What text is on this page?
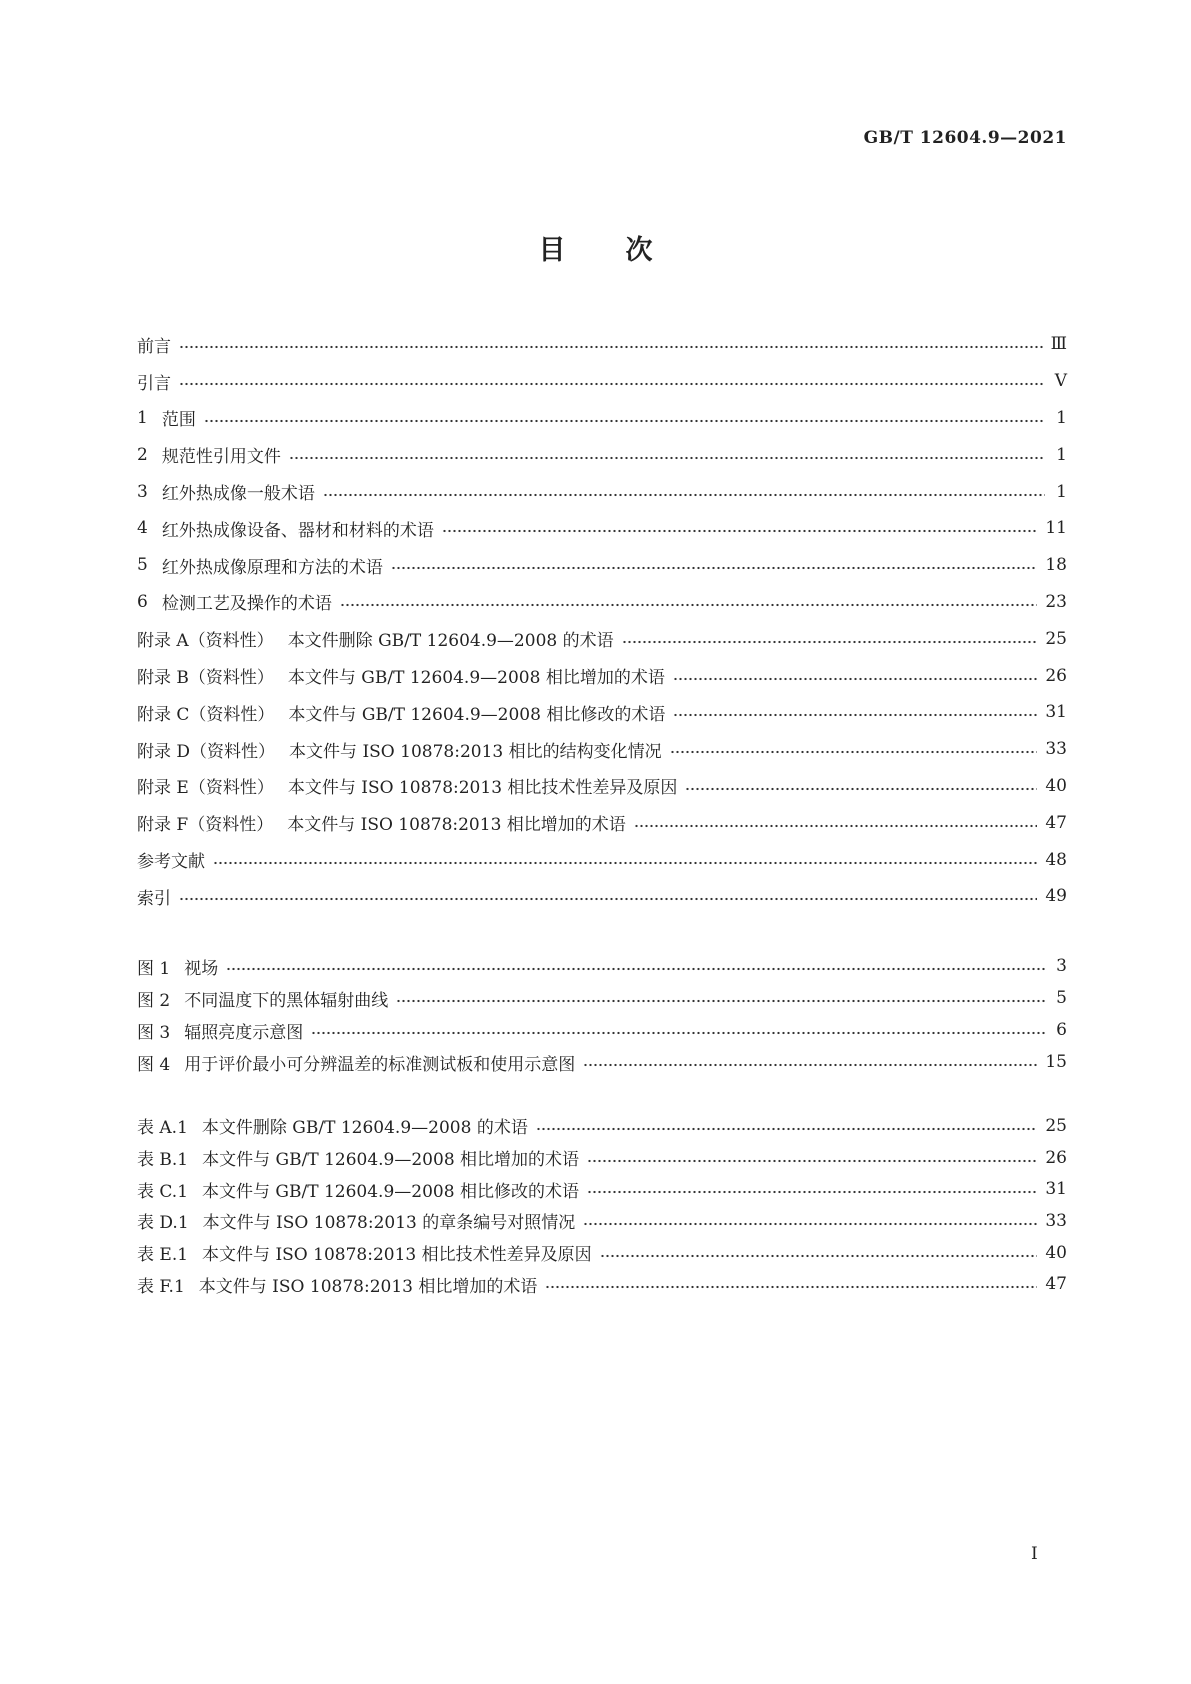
GB/T 12604.9—2021
目 次
前言	Ⅲ
引言	Ⅴ
1 范围	1
2 规范性引用文件	1
3 红外热成像一般术语	1
4 红外热成像设备、器材和材料的术语	11
5 红外热成像原理和方法的术语	18
6 检测工艺及操作的术语	23
附录 A（资料性） 本文件删除 GB/T 12604.9—2008 的术语	25
附录 B（资料性） 本文件与 GB/T 12604.9—2008 相比增加的术语	26
附录 C（资料性） 本文件与 GB/T 12604.9—2008 相比修改的术语	31
附录 D（资料性） 本文件与 ISO 10878:2013 相比的结构变化情况	33
附录 E（资料性） 本文件与 ISO 10878:2013 相比技术性差异及原因	40
附录 F（资料性） 本文件与 ISO 10878:2013 相比增加的术语	47
参考文献	48
索引	49
图 1 视场	3
图 2 不同温度下的黑体辐射曲线	5
图 3 辐照亮度示意图	6
图 4 用于评价最小可分辨温差的标准测试板和使用示意图	15
表 A.1 本文件删除 GB/T 12604.9—2008 的术语	25
表 B.1 本文件与 GB/T 12604.9—2008 相比增加的术语	26
表 C.1 本文件与 GB/T 12604.9—2008 相比修改的术语	31
表 D.1 本文件与 ISO 10878:2013 的章条编号对照情况	33
表 E.1 本文件与 ISO 10878:2013 相比技术性差异及原因	40
表 F.1 本文件与 ISO 10878:2013 相比增加的术语	47
I
